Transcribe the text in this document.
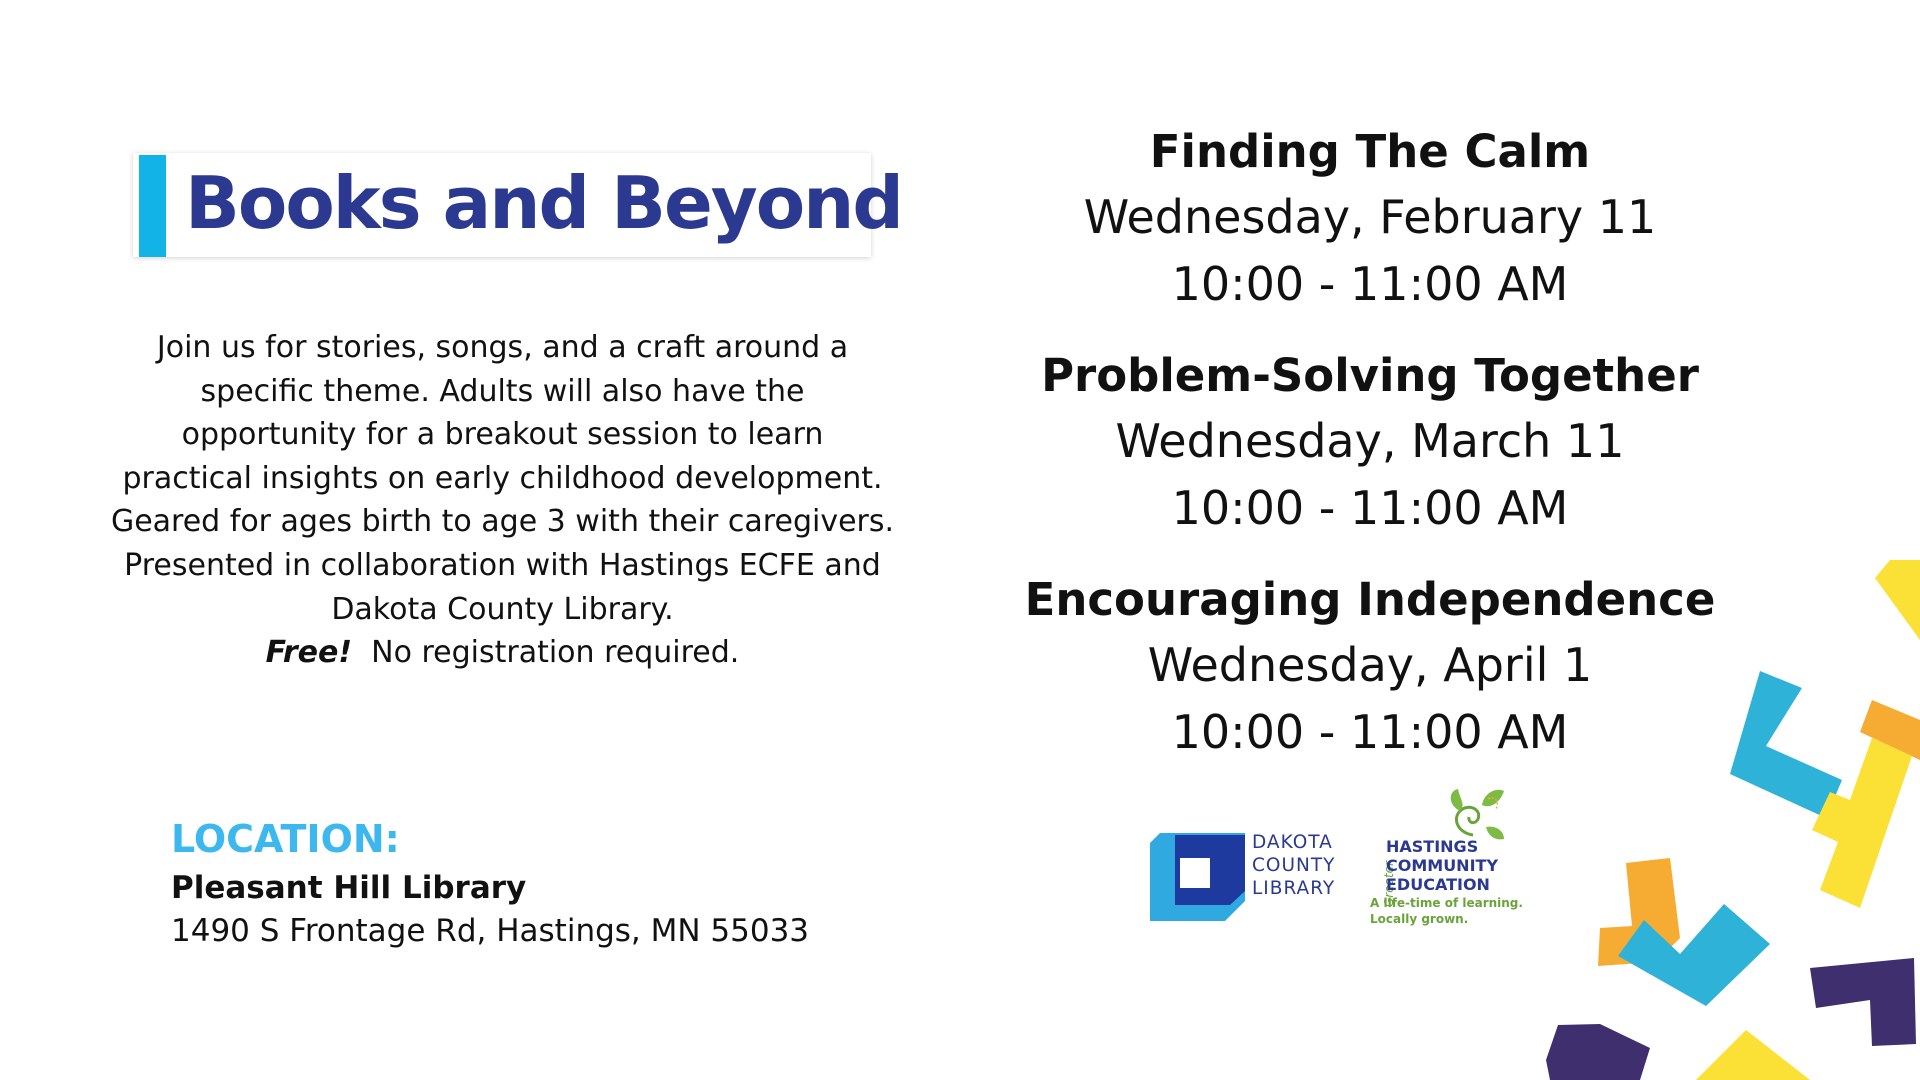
Books and Beyond

Join us for stories, songs, and a craft around a

specific theme. Adults will also have the

opportunity for a breakout session to learn

practical insights on early childhood development.

Geared for ages birth to age 3 with their caregivers.

Presented in collaboration with Hastings ECFE and

Dakota County Library.

Free! No registration required.

LOCATION:
Pleasant Hill Library
1490 S Frontage Rd, Hastings, MN 55033
Finding The Calm
Wednesday, February 11
10:00 - 11:00 AM
Problem-Solving Together
Wednesday, March 11
10:00 - 11:00 AM
Encouraging Independence
Wednesday, April 1
10:00 - 11:00 AM
DAKOTA
COUNTY
LIBRARY	Greater
HASTINGS
COMMUNITY
EDUCATION
A life-time of learning.
Locally grown.
